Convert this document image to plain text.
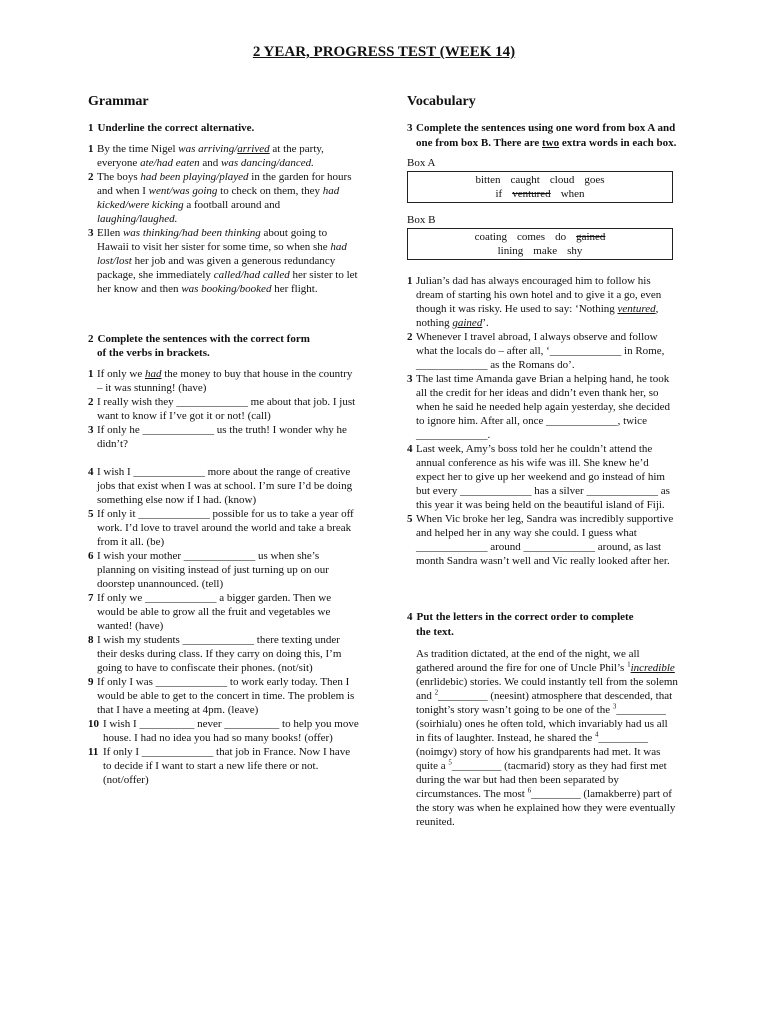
2 YEAR, PROGRESS TEST (WEEK 14)
Grammar
1 Underline the correct alternative.
1 By the time Nigel was arriving/arrived at the party, everyone ate/had eaten and was dancing/danced.
2 The boys had been playing/played in the garden for hours and when I went/was going to check on them, they had kicked/were kicking a football around and laughing/laughed.
3 Ellen was thinking/had been thinking about going to Hawaii to visit her sister for some time, so when she had lost/lost her job and was given a generous redundancy package, she immediately called/had called her sister to let her know and then was booking/booked her flight.
2 Complete the sentences with the correct form
of the verbs in brackets.
1 If only we had the money to buy that house in the country – it was stunning! (have)
2 I really wish they _____________ me about that job. I just want to know if I’ve got it or not! (call)
3 If only he _____________ us the truth! I wonder why he didn’t?
4 I wish I _____________ more about the range of creative jobs that exist when I was at school. I’m sure I’d be doing something else now if I had. (know)
5 If only it _____________ possible for us to take a year off work. I’d love to travel around the world and take a break from it all. (be)
6 I wish your mother _____________ us when she’s planning on visiting instead of just turning up on our doorstep unannounced. (tell)
7 If only we _____________ a bigger garden. Then we would be able to grow all the fruit and vegetables we wanted! (have)
8 I wish my students _____________ there texting under their desks during class. If they carry on doing this, I’m going to have to confiscate their phones. (not/sit)
9 If only I was _____________ to work early today. Then I would be able to get to the concert in time. The problem is that I have a meeting at 4pm. (leave)
10 I wish I __________ never __________ to help you move house. I had no idea you had so many books! (offer)
11 If only I _____________ that job in France. Now I have to decide if I want to start a new life there or not. (not/offer)
Vocabulary
3 Complete the sentences using one word from box A and one from box B. There are two extra words in each box.
Box A
bitten caught cloud goes
if ventured when
Box B
coating comes do gained
lining make shy
1 Julian’s dad has always encouraged him to follow his dream of starting his own hotel and to give it a go, even though it was risky. He used to say: ‘Nothing ventured, nothing gained’.
2 Whenever I travel abroad, I always observe and follow what the locals do – after all, ‘_____________ in Rome, _____________ as the Romans do’.
3 The last time Amanda gave Brian a helping hand, he took all the credit for her ideas and didn’t even thank her, so when he said he needed help again yesterday, she decided to ignore him. After all, once _____________, twice _____________.
4 Last week, Amy’s boss told her he couldn’t attend the annual conference as his wife was ill. She knew he’d expect her to give up her weekend and go instead of him but every _____________ has a silver _____________ as this year it was being held on the beautiful island of Fiji.
5 When Vic broke her leg, Sandra was incredibly supportive and helped her in any way she could. I guess what _____________ around _____________ around, as last month Sandra wasn’t well and Vic really looked after her.
4 Put the letters in the correct order to complete
the text.
As tradition dictated, at the end of the night, we all gathered around the fire for one of Uncle Phil’s $^1$incredible (enrlidebic) stories. We could instantly tell from the solemn and $^2$_________ (neesint) atmosphere that descended, that tonight’s story wasn’t going to be one of the $^3$_________ (soirhialu) ones he often told, which invariably had us all in fits of laughter. Instead, he shared the $^4$_________ (noimgv) story of how his grandparents had met. It was quite a $^5$_________ (tacmarid) story as they had first met during the war but had then been separated by circumstances. The most $^6$_________ (lamakberre) part of the story was when he explained how they were eventually reunited.
